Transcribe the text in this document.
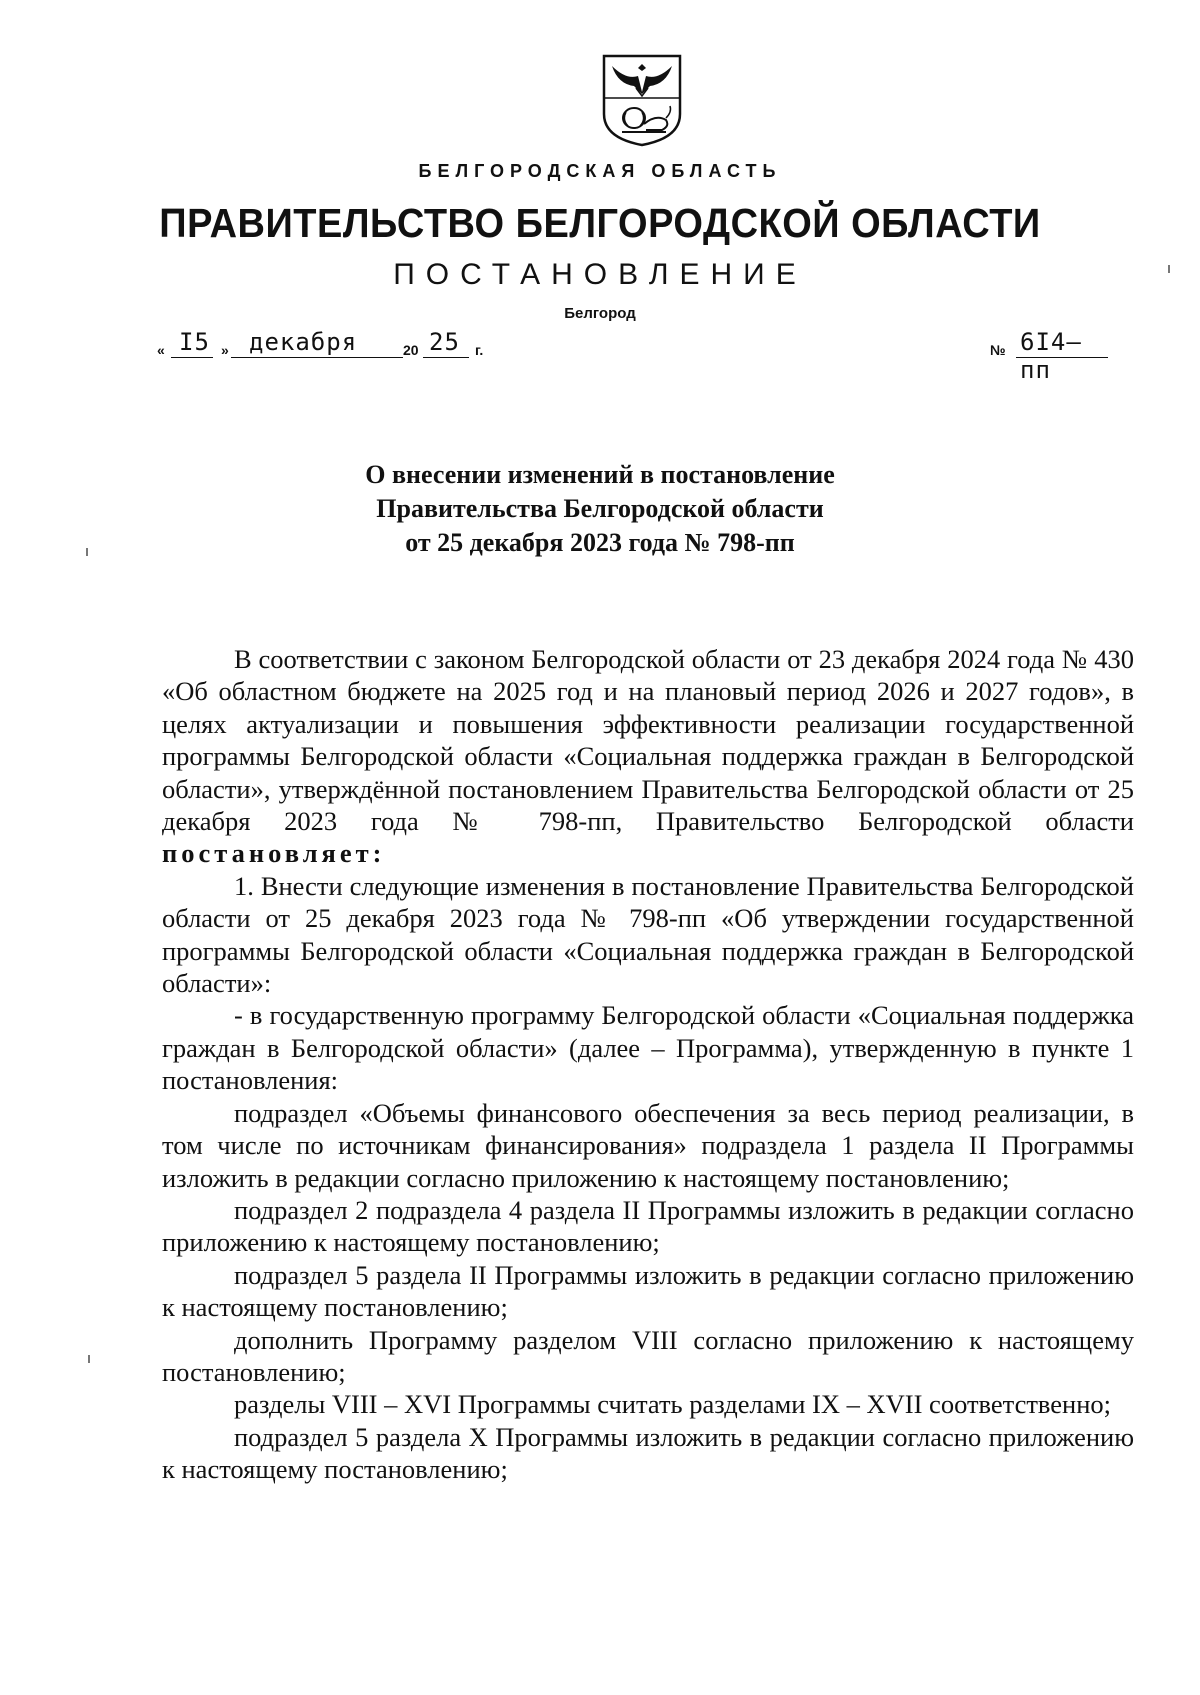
БЕЛГОРОДСКАЯ ОБЛАСТЬ
ПРАВИТЕЛЬСТВО БЕЛГОРОДСКОЙ ОБЛАСТИ
ПОСТАНОВЛЕНИЕ
Белгород
« I5 » декабря	20 25 г.	№ 6I4–пп
О внесении изменений в постановление
Правительства Белгородской области
от 25 декабря 2023 года № 798-пп

В соответствии с законом Белгородской области от 23 декабря 2024 года № 430 «Об областном бюджете на 2025 год и на плановый период 2026 и 2027 годов», в целях актуализации и повышения эффективности реализации государственной программы Белгородской области «Социальная поддержка граждан в Белгородской области», утверждённой постановлением Правительства Белгородской области от 25 декабря 2023 года № 798-пп, Правительство Белгородской области постановляет:

1. Внести следующие изменения в постановление Правительства Белгородской области от 25 декабря 2023 года № 798-пп «Об утверждении государственной программы Белгородской области «Социальная поддержка граждан в Белгородской области»:

- в государственную программу Белгородской области «Социальная поддержка граждан в Белгородской области» (далее – Программа), утвержденную в пункте 1 постановления:

подраздел «Объемы финансового обеспечения за весь период реализации, в том числе по источникам финансирования» подраздела 1 раздела II Программы изложить в редакции согласно приложению к настоящему постановлению;

подраздел 2 подраздела 4 раздела II Программы изложить в редакции согласно приложению к настоящему постановлению;

подраздел 5 раздела II Программы изложить в редакции согласно приложению к настоящему постановлению;

дополнить Программу разделом VIII согласно приложению к настоящему постановлению;

разделы VIII – XVI Программы считать разделами IX – XVII соответственно;

подраздел 5 раздела X Программы изложить в редакции согласно приложению к настоящему постановлению;
